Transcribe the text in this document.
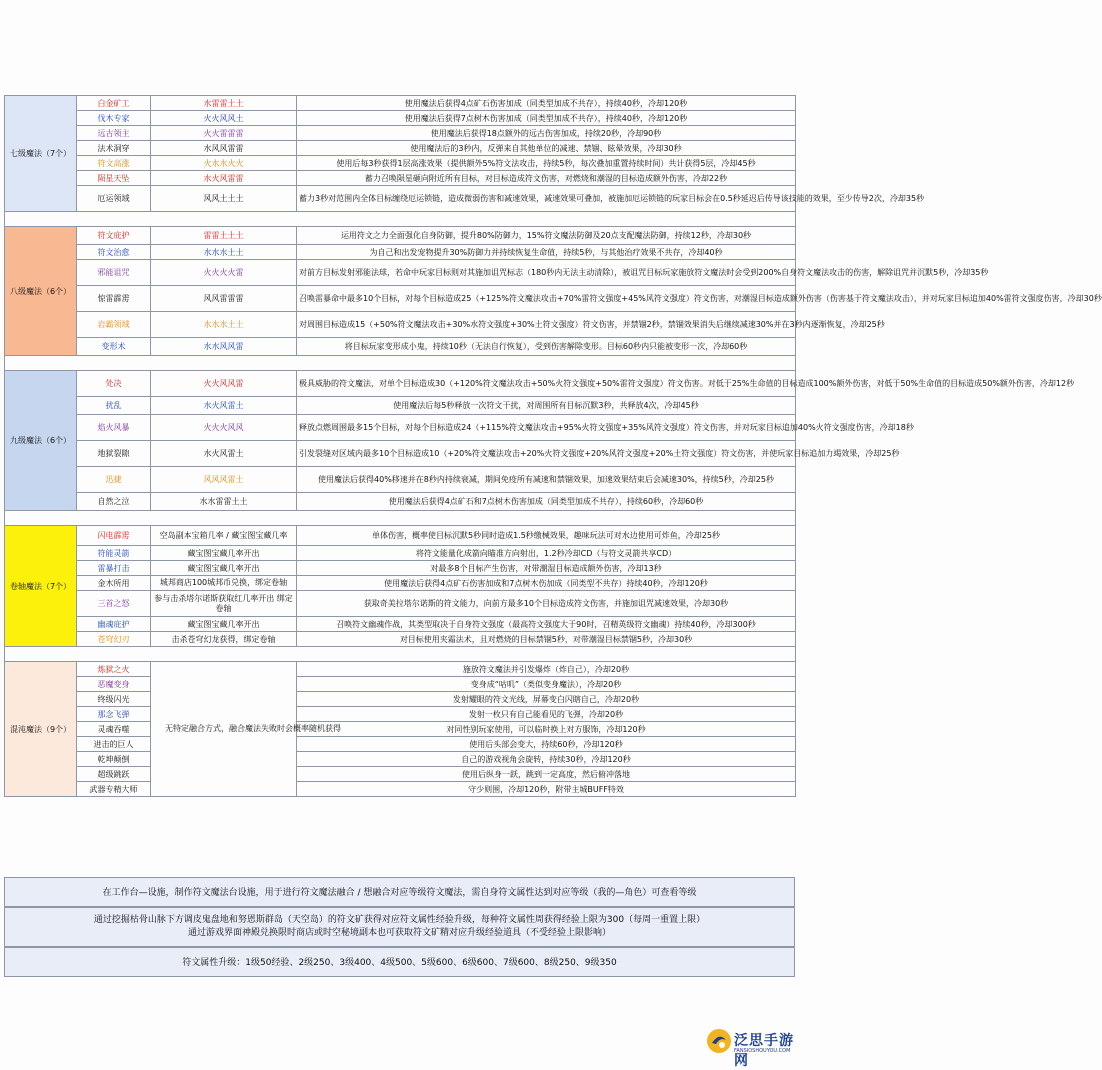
七级魔法（7个）	白金矿工	水雷雷土土	使用魔法后获得4点矿石伤害加成（同类型加成不共存），持续40秒，冷却120秒
	伐木专家	火火风风土	使用魔法后获得7点树木伤害加成（同类型加成不共存），持续40秒，冷却120秒
	远古领主	火火雷雷雷	使用魔法后获得18点额外的远古伤害加成，持续20秒，冷却90秒
	法术洞穿	水风风雷雷	使用魔法后的3秒内，反弹来自其他单位的减速、禁锢、眩晕效果，冷却30秒
	符文高涨	火水水火火	使用后每3秒获得1层高涨效果（提供额外5%符文法攻击，持续5秒，每次叠加重置持续时间）共计获得5层，冷却45秒
	陨星天坠	水火风雷雷	蓄力召唤陨星砸向附近所有目标，对目标造成符文伤害，对燃烧和潮湿的目标造成额外伤害，冷却22秒
	厄运领域	风风土土土	蓄力3秒对范围内全体目标缠绕厄运锁链，造成微弱伤害和减速效果，减速效果可叠加，被施加厄运锁链的玩家目标会在0.5秒延迟后传导该技能的效果，至少传导2次，冷却35秒

八级魔法（6个）	符文庇护	雷雷土土土	运用符文之力全面强化自身防御，提升80%防御力，15%符文魔法防御及20点支配魔法防御，持续12秒，冷却30秒
	符文治愈	水水水土土	为自己和出发宠物提升30%防御力并持续恢复生命值，持续5秒，与其他治疗效果不共存，冷却40秒
	邪能诅咒	火火火火雷	对前方目标发射邪能法球，若命中玩家目标则对其施加诅咒标志（180秒内无法主动清除），被诅咒目标玩家施放符文魔法时会受到200%自身符文魔法攻击的伤害，解除诅咒并沉默5秒，冷却35秒
	惊雷霹雳	风风雷雷雷	召唤雷暴命中最多10个目标，对每个目标造成25（+125%符文魔法攻击+70%雷符文强度+45%风符文强度）符文伤害，对潮湿目标造成额外伤害（伤害基于符文魔法攻击），并对玩家目标追加40%雷符文强度伤害，冷却30秒
	岩霸领域	水水水土土	对周围目标造成15（+50%符文魔法攻击+30%水符文强度+30%土符文强度）符文伤害，并禁锢2秒，禁锢效果消失后继续减速30%并在3秒内逐渐恢复，冷却25秒
	变形术	水水风风雷	将目标玩家变形成小鬼，持续10秒（无法自行恢复），受到伤害解除变形。目标60秒内只能被变形一次，冷却60秒

九级魔法（6个）	处决	火火风风雷	极具威胁的符文魔法，对单个目标造成30（+120%符文魔法攻击+50%火符文强度+50%雷符文强度）符文伤害。对低于25%生命值的目标造成100%额外伤害，对低于50%生命值的目标造成50%额外伤害，冷却12秒
	扰乱	水火风雷土	使用魔法后每5秒释放一次符文干扰，对周围所有目标沉默3秒，共释放4次，冷却45秒
	焰火风暴	火火火风风	释放点燃周围最多15个目标，对每个目标造成24（+115%符文魔法攻击+95%火符文强度+35%风符文强度）符文伤害，并对玩家目标追加40%火符文强度伤害，冷却18秒
	地狱裂隙	水火风雷土	引发裂缝对区域内最多10个目标造成10（+20%符文魔法攻击+20%火符文强度+20%风符文强度+20%土符文强度）符文伤害，并使玩家目标追加力竭效果，冷却25秒
	迅捷	风风风雷土	使用魔法后获得40%移速并在8秒内持续衰减，期间免疫所有减速和禁锢效果，加速效果结束后会减速30%，持续5秒，冷却25秒
	自然之泣	水水雷雷土土	使用魔法后获得4点矿石和7点树木伤害加成（同类型加成不共存），持续60秒，冷却60秒

卷轴魔法（7个）	闪电霹雳	空岛副本宝箱几率 / 藏宝图宝藏几率	单体伤害，概率使目标沉默5秒同时造成1.5秒缴械效果，趣味玩法可对水边使用可炸鱼，冷却25秒
	符能灵箭	藏宝图宝藏几率开出	将符文能量化成箭向瞄准方向射出，1.2秒冷却CD（与符文灵箭共享CD）
	雷暴打击	藏宝图宝藏几率开出	对最多8个目标产生伤害，对带潮湿目标造成额外伤害，冷却13秒
	金木所用	城邦商店100城邦币兑换，绑定卷轴	使用魔法后获得4点矿石伤害加成和7点树木伤加成（同类型不共存）持续40秒，冷却120秒
	三首之怒	参与击杀塔尔诺斯获取红几率开出 绑定卷轴	获取奇美拉塔尔诺斯的符文能力，向前方最多10个目标造成符文伤害，并施加诅咒减速效果，冷却30秒
	幽魂庇护	藏宝图宝藏几率开出	召唤符文幽魂作战，其类型取决于自身符文强度（最高符文强度大于90时，召精英级符文幽魂）持续40秒，冷却300秒
	苍穹幻刃	击杀苍穹幻龙获得，绑定卷轴	对目标使用夹霜法术，且对燃烧的目标禁锢5秒，对带潮湿目标禁锢5秒，冷却30秒

混沌魔法（9个）	炼狱之火	无特定融合方式，融合魔法失败时会概率随机获得	施放符文魔法并引发爆炸（炸自己），冷却20秒
	恶魔变身		变身成“咕叽”（类似变身魔法），冷却20秒
	终级闪光		发射耀眼的符文光线，屏幕变白闪瞎自己，冷却20秒
	那念飞弹		发射一枚只有自己能看见的飞弹，冷却20秒
	灵魂吞噬		对同性别玩家使用，可以临时换上对方服饰，冷却120秒
	进击的巨人		使用后头部会变大，持续60秒，冷却120秒
	乾坤颠倒		自己的游戏视角会旋转，持续30秒，冷却120秒
	超级跳跃		使用后纵身一跃，跳到一定高度，然后俯冲落地
	武器专精大师		守少则围，冷却120秒，附带主城BUFF特效
在工作台—设施，制作符文魔法台设施，用于进行符文魔法融合 / 想融合对应等级符文魔法，需自身符文属性达到对应等级（我的—角色）可查看等级
通过挖掘枯骨山脉下方调皮鬼盘地和努恩斯群岛（天空岛）的符文矿获得对应符文属性经验升级，每种符文属性周获得经验上限为300（每周一重置上限）
通过游戏界面神殿兑换限时商店或时空秘境副本也可获取符文矿精对应升级经验道具（不受经验上限影响）
符文属性升级：1级50经验、2级250、3级400、4级500、5级600、6级600、7级600、8级250、9级350
泛思手游网
FANSIOSHOUYOU.COM
